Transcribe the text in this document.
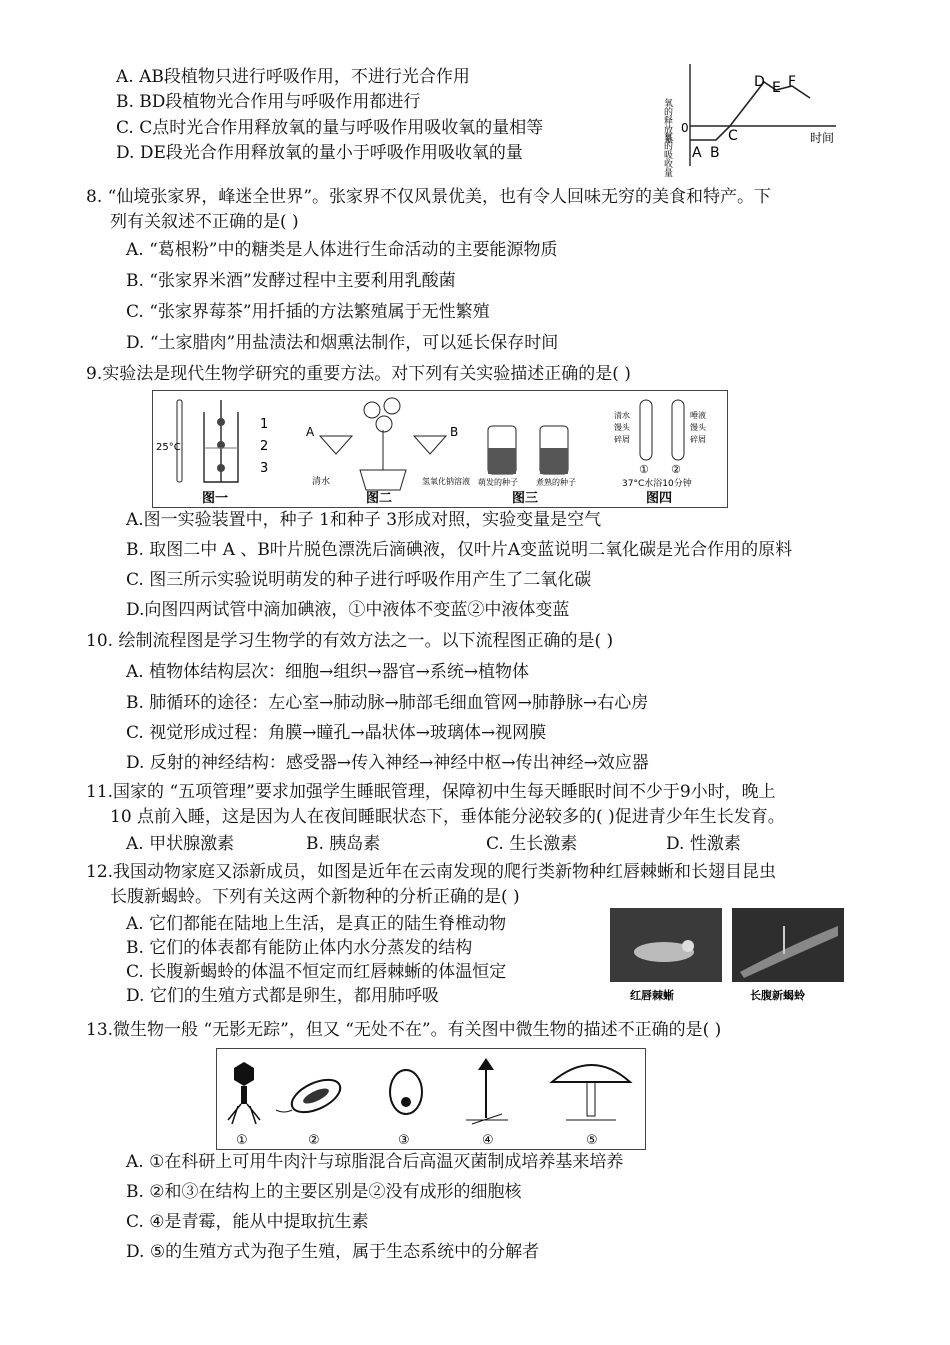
A. AB段植物只进行呼吸作用，不进行光合作用
B. BD段植物光合作用与呼吸作用都进行
C. C点时光合作用释放氧的量与呼吸作用吸收氧的量相等
D. DE段光合作用释放氧的量小于呼吸作用吸收氧的量
氧的释放量
氧的吸收量
0
时间
A B
C
D E F
8. “仙境张家界，峰迷全世界”。张家界不仅风景优美，也有令人回味无穷的美食和特产。下
列有关叙述不正确的是( )
A. “葛根粉”中的糖类是人体进行生命活动的主要能源物质
B. “张家界米酒”发酵过程中主要利用乳酸菌
C. “张家界莓茶”用扦插的方法繁殖属于无性繁殖
D. “土家腊肉”用盐渍法和烟熏法制作，可以延长保存时间
9.实验法是现代生物学研究的重要方法。对下列有关实验描述正确的是( )
25°C
1
2
3
图一
A	B
清水	氢氧化钠溶液
图二
萌发的种子 煮熟的种子
图三
清水
馒头
碎屑
唾液
馒头
碎屑
① ②
37°C水浴10分钟
图四
A.图一实验装置中，种子 1和种子 3形成对照，实验变量是空气
B. 取图二中 A 、B叶片脱色漂洗后滴碘液，仅叶片A变蓝说明二氧化碳是光合作用的原料
C. 图三所示实验说明萌发的种子进行呼吸作用产生了二氧化碳
D.向图四两试管中滴加碘液，①中液体不变蓝②中液体变蓝
10. 绘制流程图是学习生物学的有效方法之一。以下流程图正确的是( )
A. 植物体结构层次：细胞→组织→器官→系统→植物体
B. 肺循环的途径：左心室→肺动脉→肺部毛细血管网→肺静脉→右心房
C. 视觉形成过程：角膜→瞳孔→晶状体→玻璃体→视网膜
D. 反射的神经结构：感受器→传入神经→神经中枢→传出神经→效应器
11.国家的 “五项管理”要求加强学生睡眠管理，保障初中生每天睡眠时间不少于9小时，晚上
10 点前入睡，这是因为人在夜间睡眠状态下，垂体能分泌较多的( )促进青少年生长发育。
A. 甲状腺激素	B. 胰岛素	C. 生长激素	D. 性激素
12.我国动物家庭又添新成员，如图是近年在云南发现的爬行类新物种红唇棘蜥和长翅目昆虫
长腹新蝎蛉。下列有关这两个新物种的分析正确的是( )
A. 它们都能在陆地上生活，是真正的陆生脊椎动物
B. 它们的体表都有能防止体内水分蒸发的结构
C. 长腹新蝎蛉的体温不恒定而红唇棘蜥的体温恒定
D. 它们的生殖方式都是卵生，都用肺呼吸	红唇棘蜥	长腹新蝎蛉
13.微生物一般 “无影无踪”，但又 “无处不在”。有关图中微生物的描述不正确的是( )
①	②	③	④	⑤
A. ①在科研上可用牛肉汁与琼脂混合后高温灭菌制成培养基来培养
B. ②和③在结构上的主要区别是②没有成形的细胞核
C. ④是青霉，能从中提取抗生素
D. ⑤的生殖方式为孢子生殖，属于生态系统中的分解者
